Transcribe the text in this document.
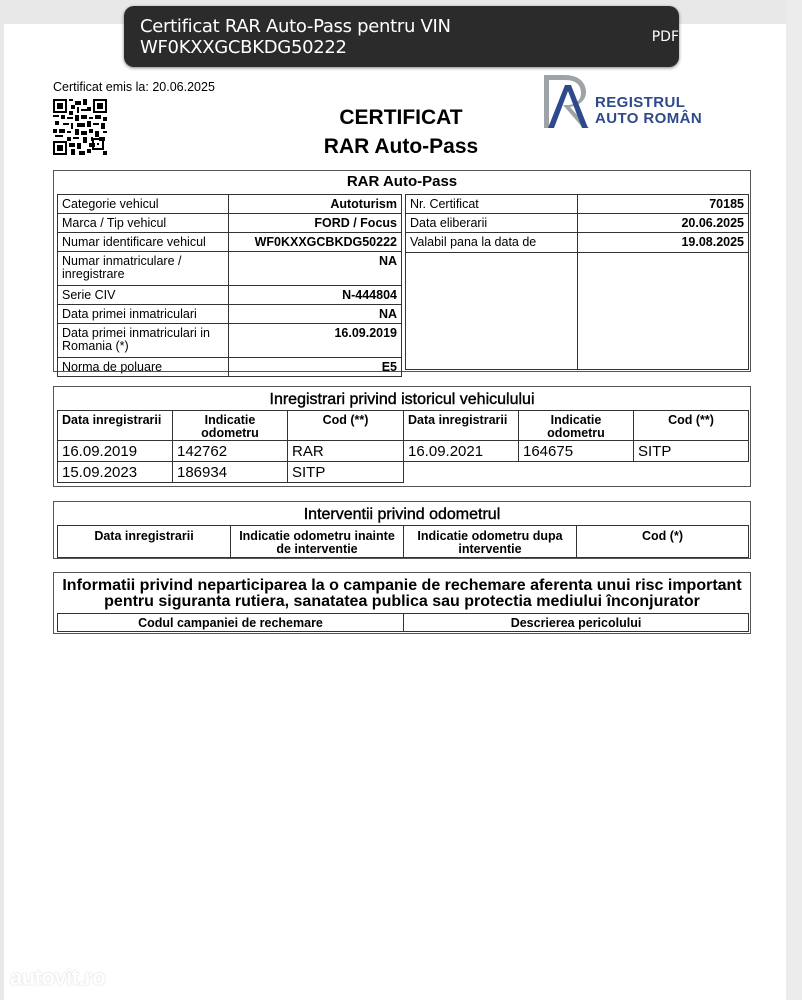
Certificat RAR Auto-Pass pentru VIN WF0KXXGCBKDG50222	PDF
Certificat emis la: 20.06.2025
CERTIFICAT
RAR Auto-Pass
REGISTRUL
AUTO ROMÂN
RAR Auto-Pass
Categorie vehicul	Autoturism
Marca / Tip vehicul	FORD / Focus
Numar identificare vehicul	WF0KXXGCBKDG50222
Numar inmatriculare / inregistrare	NA
Serie CIV	N-444804
Data primei inmatriculari	NA
Data primei inmatriculari in Romania (*)	16.09.2019
Norma de poluare	E5
Nr. Certificat	70185
Data eliberarii	20.06.2025
Valabil pana la data de	19.08.2025

Inregistrari privind istoricul vehiculului
Data inregistrarii	Indicatie odometru	Cod (**)	Data inregistrarii	Indicatie odometru	Cod (**)
16.09.2019	142762	RAR	16.09.2021	164675	SITP
15.09.2023	186934	SITP			
Interventii privind odometrul
Data inregistrarii	Indicatie odometru inainte de interventie	Indicatie odometru dupa interventie	Cod (*)
Informatii privind neparticiparea la o campanie de rechemare aferenta unui risc important pentru siguranta rutiera, sanatatea publica sau protectia mediului înconjurator
Codul campaniei de rechemare	Descrierea pericolului
autovit.ro
